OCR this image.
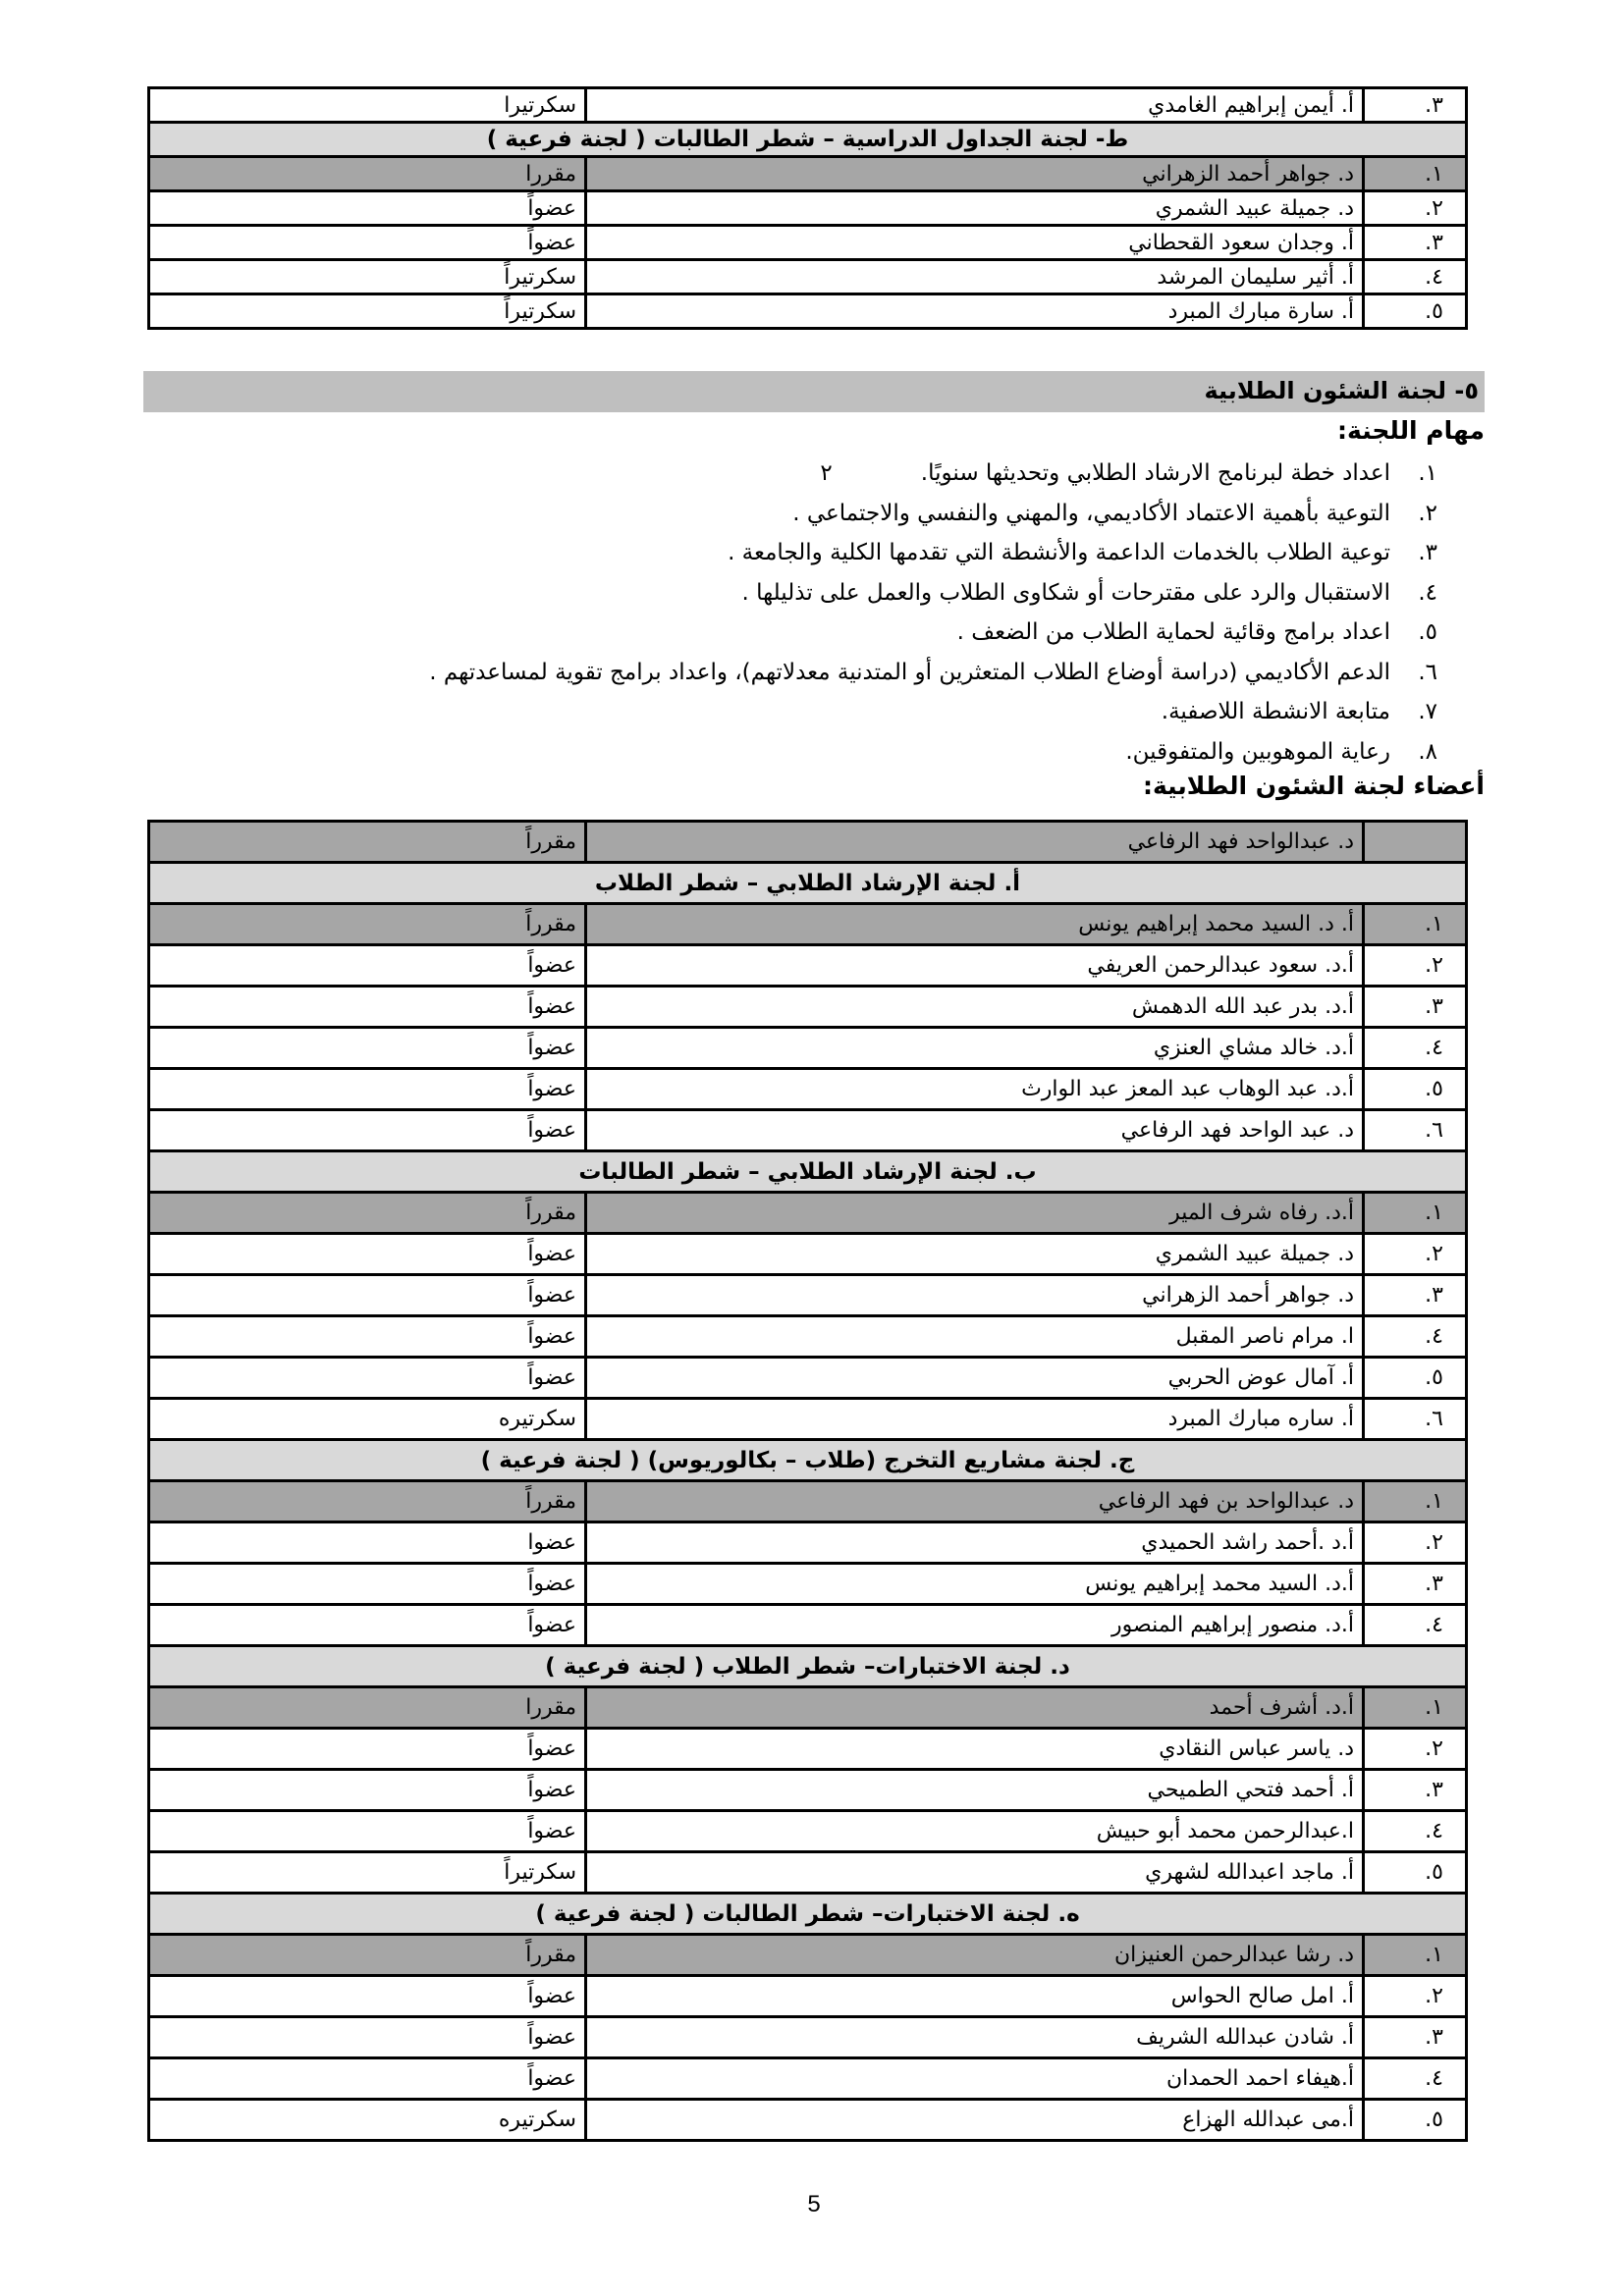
٣.	أ. أيمن إبراهيم الغامدي	سكرتيرا
ط- لجنة الجداول الدراسية – شطر الطالبات ( لجنة فرعية )		
١.	د. جواهر أحمد الزهراني	مقررا
٢.	د. جميلة عبيد الشمري	عضواً
٣.	أ. وجدان سعود القحطاني	عضواً
٤.	أ. أثير سليمان المرشد	سكرتيراً
٥.	أ. سارة مبارك المبرد	سكرتيراً
٥- لجنة الشئون الطلابية
مهام اللجنة:
١.
اعداد خطة لبرنامج الارشاد الطلابي وتحديثها سنويًا.٢
٢.
التوعية بأهمية الاعتماد الأكاديمي، والمهني والنفسي والاجتماعي .
٣.
توعية الطلاب بالخدمات الداعمة والأنشطة التي تقدمها الكلية والجامعة .
٤.
الاستقبال والرد على مقترحات أو شكاوى الطلاب والعمل على تذليلها .
٥.
اعداد برامج وقائية لحماية الطلاب من الضعف .
٦.
الدعم الأكاديمي (دراسة أوضاع الطلاب المتعثرين أو المتدنية معدلاتهم)، واعداد برامج تقوية لمساعدتهم .
٧.
متابعة الانشطة اللاصفية.
٨.
رعاية الموهوبين والمتفوقين.
أعضاء لجنة الشئون الطلابية:
	د. عبدالواحد فهد الرفاعي	مقرراً
أ. لجنة الإرشاد الطلابي – شطر الطلاب		
١.	أ. د. السيد محمد إبراهيم يونس	مقرراً
٢.	أ.د. سعود عبدالرحمن العريفي	عضواً
٣.	أ.د. بدر عبد الله الدهمش	عضواً
٤.	أ.د. خالد مشاي العنزي	عضواً
٥.	أ.د. عبد الوهاب عبد المعز عبد الوارث	عضواً
٦.	د. عبد الواحد فهد الرفاعي	عضواً
ب. لجنة الإرشاد الطلابي – شطر الطالبات		
١.	أ.د. رفاه شرف المير	مقرراً
٢.	د. جميلة عبيد الشمري	عضواً
٣.	د. جواهر أحمد الزهراني	عضواً
٤.	ا. مرام ناصر المقبل	عضواً
٥.	أ. آمال عوض الحربي	عضواً
٦.	أ. ساره مبارك المبرد	سكرتيره
ج. لجنة مشاريع التخرج (طلاب – بكالوريوس) ( لجنة فرعية )		
١.	د. عبدالواحد بن فهد الرفاعي	مقرراً
٢.	أ.د .أحمد راشد الحميدي	عضوا
٣.	أ.د. السيد محمد إبراهيم يونس	عضواً
٤.	أ.د. منصور إبراهيم المنصور	عضواً
د. لجنة الاختبارات– شطر الطلاب ( لجنة فرعية )		
١.	أ.د. أشرف أحمد	مقررا
٢.	د. ياسر عباس النقادي	عضواً
٣.	أ. أحمد فتحي الطميحي	عضواً
٤.	ا.عبدالرحمن محمد أبو حبيش	عضواً
٥.	أ. ماجد اعبدالله لشهري	سكرتيراً
ه. لجنة الاختبارات– شطر الطالبات ( لجنة فرعية )		
١.	د. رشا عبدالرحمن العنيزان	مقرراً
٢.	أ. امل صالح الحواس	عضواً
٣.	أ. شادن عبدالله الشريف	عضواً
٤.	أ.هيفاء احمد الحمدان	عضواً
٥.	أ.مى عبدالله الهزاع	سكرتيره
5
